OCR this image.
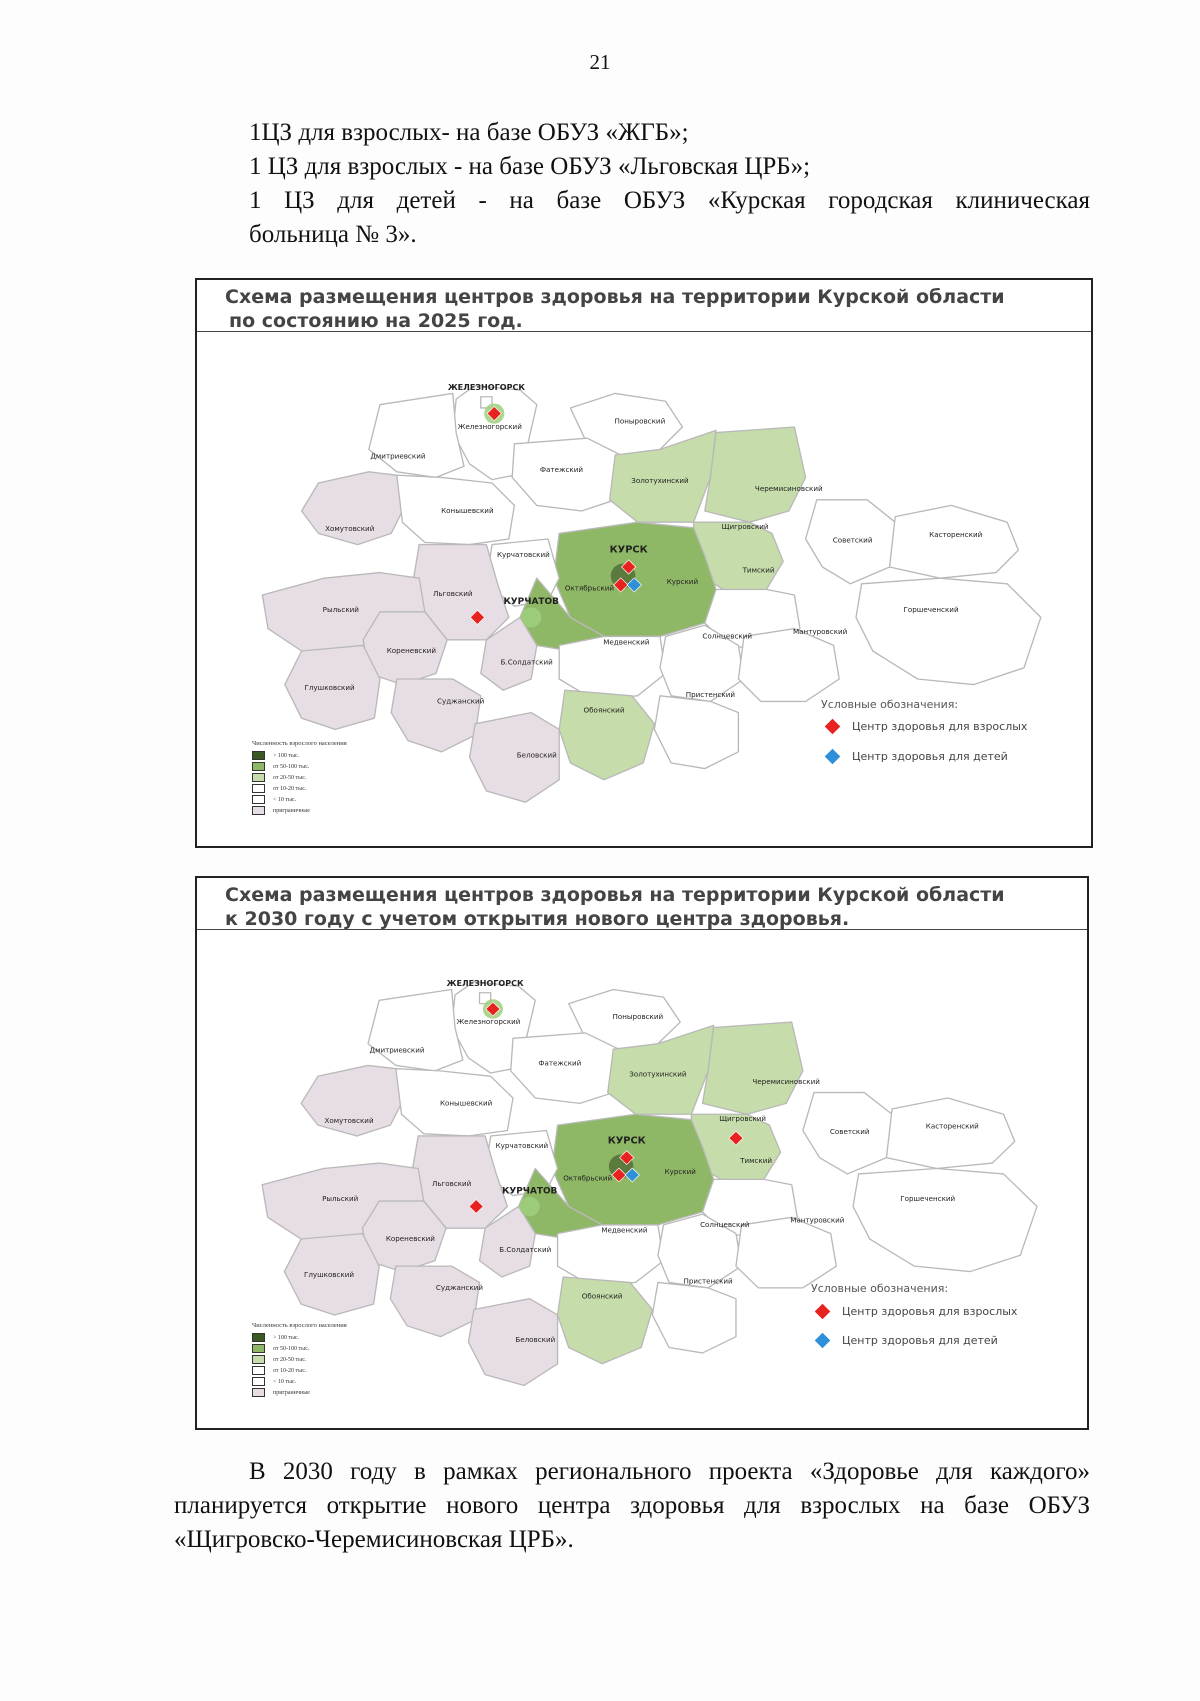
21

1ЦЗ для взрослых- на базе ОБУЗ «ЖГБ»;

1 ЦЗ для взрослых - на базе ОБУЗ «Льговская ЦРБ»;

1 ЦЗ для детей - на базе ОБУЗ «Курская городская клиническая

больница № 3».

Схема размещения центров здоровья на территории Курской области
по состоянию на 2025 год.
ЖЕЛЕЗНОГОРСК
Железногорский
Дмитриевский
Поныровский
Фатежский
Золотухинский
Черемисиновский
Хомутовский
Конышевский
Щигровский
Советский
Касторенский
КУРСК
Курчатовский
Курский
Октябрьский
Тимский
Льговский
КУРЧАТОВ
Рыльский	Горшеченский
Кореневский
Б.Солдатский
Медвенский
Солнцевский	Мантуровский
Глушковский
Суджанский
Пристенский
Обоянский
Беловский
Условные обозначения:
Центр здоровья для взрослых
Центр здоровья для детей
Численность взрослого населения
> 100 тыс.
от 50-100 тыс.
от 20-50 тыс.
от 10-20 тыс.
< 10 тыс.
приграничные
Схема размещения центров здоровья на территории Курской области
к 2030 году с учетом открытия нового центра здоровья.
ЖЕЛЕЗНОГОРСК
Железногорский
Дмитриевский
Поныровский
Фатежский
Золотухинский
Черемисиновский
Хомутовский
Конышевский
Щигровский
Советский
Касторенский
КУРСК
Курчатовский
Курский
Октябрьский
Тимский
Льговский
КУРЧАТОВ
Рыльский	Горшеченский
Кореневский
Б.Солдатский
Медвенский
Солнцевский	Мантуровский
Глушковский
Суджанский
Пристенский
Обоянский
Беловский
Условные обозначения:
Центр здоровья для взрослых
Центр здоровья для детей
Численность взрослого населения
> 100 тыс.
от 50-100 тыс.
от 20-50 тыс.
от 10-20 тыс.
< 10 тыс.
приграничные

В 2030 году в рамках регионального проекта «Здоровье для каждого»

планируется открытие нового центра здоровья для взрослых на базе ОБУЗ

«Щигровско-Черемисиновская ЦРБ».
